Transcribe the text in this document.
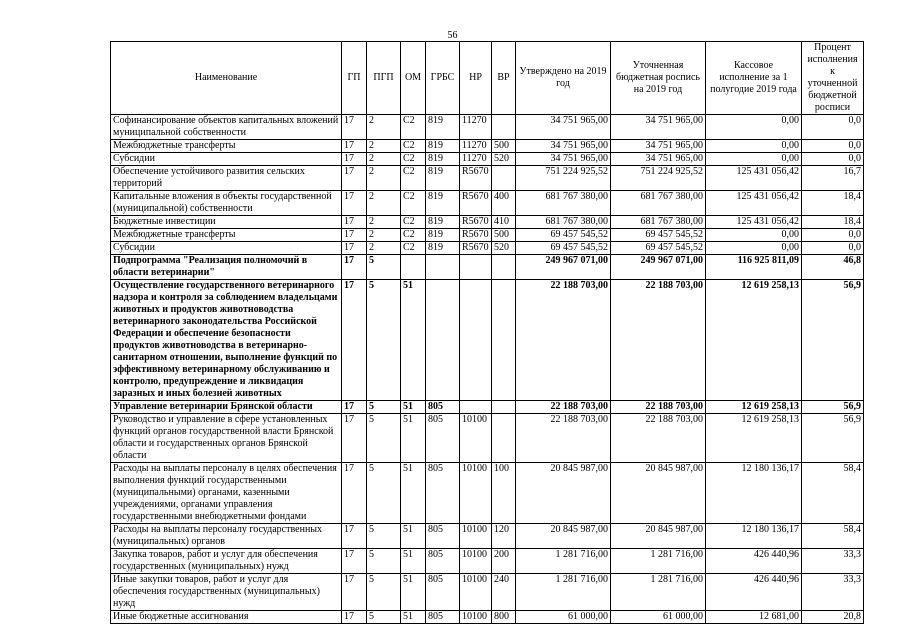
56
Наименование	ГП	ПГП	ОМ	ГРБС	НР	ВР	Утверждено на 2019 год	Уточненная бюджетная роспись на 2019 год	Кассовое исполнение за 1 полугодие 2019 года	Процент исполнения к уточненной бюджетной росписи
Софинансирование объектов капитальных вложений муниципальной собственности	17	2	С2	819	11270		34 751 965,00	34 751 965,00	0,00	0,0
Межбюджетные трансферты	17	2	С2	819	11270	500	34 751 965,00	34 751 965,00	0,00	0,0
Субсидии	17	2	С2	819	11270	520	34 751 965,00	34 751 965,00	0,00	0,0
Обеспечение устойчивого развития сельских территорий	17	2	С2	819	R5670		751 224 925,52	751 224 925,52	125 431 056,42	16,7
Капитальные вложения в объекты государственной (муниципальной) собственности	17	2	С2	819	R5670	400	681 767 380,00	681 767 380,00	125 431 056,42	18,4
Бюджетные инвестиции	17	2	С2	819	R5670	410	681 767 380,00	681 767 380,00	125 431 056,42	18,4
Межбюджетные трансферты	17	2	С2	819	R5670	500	69 457 545,52	69 457 545,52	0,00	0,0
Субсидии	17	2	С2	819	R5670	520	69 457 545,52	69 457 545,52	0,00	0,0
Подпрограмма "Реализация полномочий в области ветеринарии"	17	5					249 967 071,00	249 967 071,00	116 925 811,09	46,8
Осуществление государственного ветеринарного надзора и контроля за соблюдением владельцами животных и продуктов животноводства ветеринарного законодательства Российской Федерации и обеспечение безопасности продуктов животноводства в ветеринарно-санитарном отношении, выполнение функций по эффективному ветеринарному обслуживанию и контролю, предупреждение и ликвидация заразных и иных болезней животных	17	5	51				22 188 703,00	22 188 703,00	12 619 258,13	56,9
Управление ветеринарии Брянской области	17	5	51	805			22 188 703,00	22 188 703,00	12 619 258,13	56,9
Руководство и управление в сфере установленных функций органов государственной власти Брянской области и государственных органов Брянской области	17	5	51	805	10100		22 188 703,00	22 188 703,00	12 619 258,13	56,9
Расходы на выплаты персоналу в целях обеспечения выполнения функций государственными (муниципальными) органами, казенными учреждениями, органами управления государственными внебюджетными фондами	17	5	51	805	10100	100	20 845 987,00	20 845 987,00	12 180 136,17	58,4
Расходы на выплаты персоналу государственных (муниципальных) органов	17	5	51	805	10100	120	20 845 987,00	20 845 987,00	12 180 136,17	58,4
Закупка товаров, работ и услуг для обеспечения государственных (муниципальных) нужд	17	5	51	805	10100	200	1 281 716,00	1 281 716,00	426 440,96	33,3
Иные закупки товаров, работ и услуг для обеспечения государственных (муниципальных) нужд	17	5	51	805	10100	240	1 281 716,00	1 281 716,00	426 440,96	33,3
Иные бюджетные ассигнования	17	5	51	805	10100	800	61 000,00	61 000,00	12 681,00	20,8
